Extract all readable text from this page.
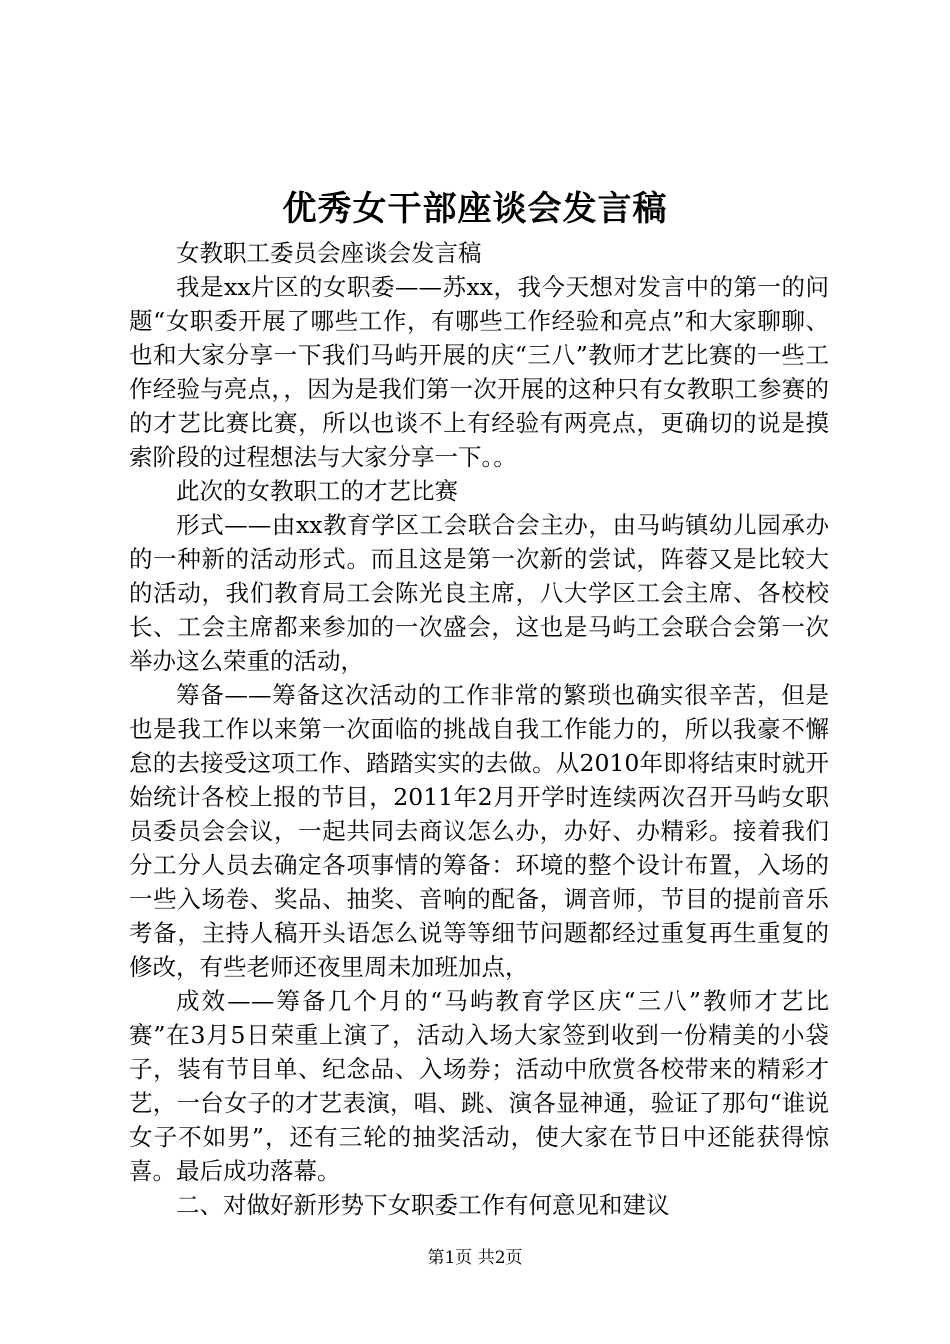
优秀女干部座谈会发言稿

女教职工委员会座谈会发言稿

我是xx片区的女职委——苏xx，我今天想对发言中的第一的问题“女职委开展了哪些工作，有哪些工作经验和亮点”和大家聊聊、也和大家分享一下我们马屿开展的庆“三八”教师才艺比赛的一些工作经验与亮点，，因为是我们第一次开展的这种只有女教职工参赛的的才艺比赛比赛，所以也谈不上有经验有两亮点，更确切的说是摸索阶段的过程想法与大家分享一下。。

此次的女教职工的才艺比赛

形式——由xx教育学区工会联合会主办，由马屿镇幼儿园承办的一种新的活动形式。而且这是第一次新的尝试，阵蓉又是比较大的活动，我们教育局工会陈光良主席，八大学区工会主席、各校校长、工会主席都来参加的一次盛会，这也是马屿工会联合会第一次举办这么荣重的活动，

筹备——筹备这次活动的工作非常的繁琐也确实很辛苦，但是也是我工作以来第一次面临的挑战自我工作能力的，所以我豪不懈怠的去接受这项工作、踏踏实实的去做。从2010年即将结束时就开始统计各校上报的节目，2011年2月开学时连续两次召开马屿女职员委员会会议，一起共同去商议怎么办，办好、办精彩。接着我们分工分人员去确定各项事情的筹备：环境的整个设计布置，入场的一些入场卷、奖品、抽奖、音响的配备，调音师，节目的提前音乐考备，主持人稿开头语怎么说等等细节问题都经过重复再生重复的修改，有些老师还夜里周未加班加点，

成效——筹备几个月的“马屿教育学区庆“三八”教师才艺比赛”在3月5日荣重上演了，活动入场大家签到收到一份精美的小袋子，装有节目单、纪念品、入场券；活动中欣赏各校带来的精彩才艺，一台女子的才艺表演，唱、跳、演各显神通，验证了那句“谁说女子不如男”，还有三轮的抽奖活动，使大家在节日中还能获得惊喜。最后成功落幕。

二、对做好新形势下女职委工作有何意见和建议

第1页 共2页
